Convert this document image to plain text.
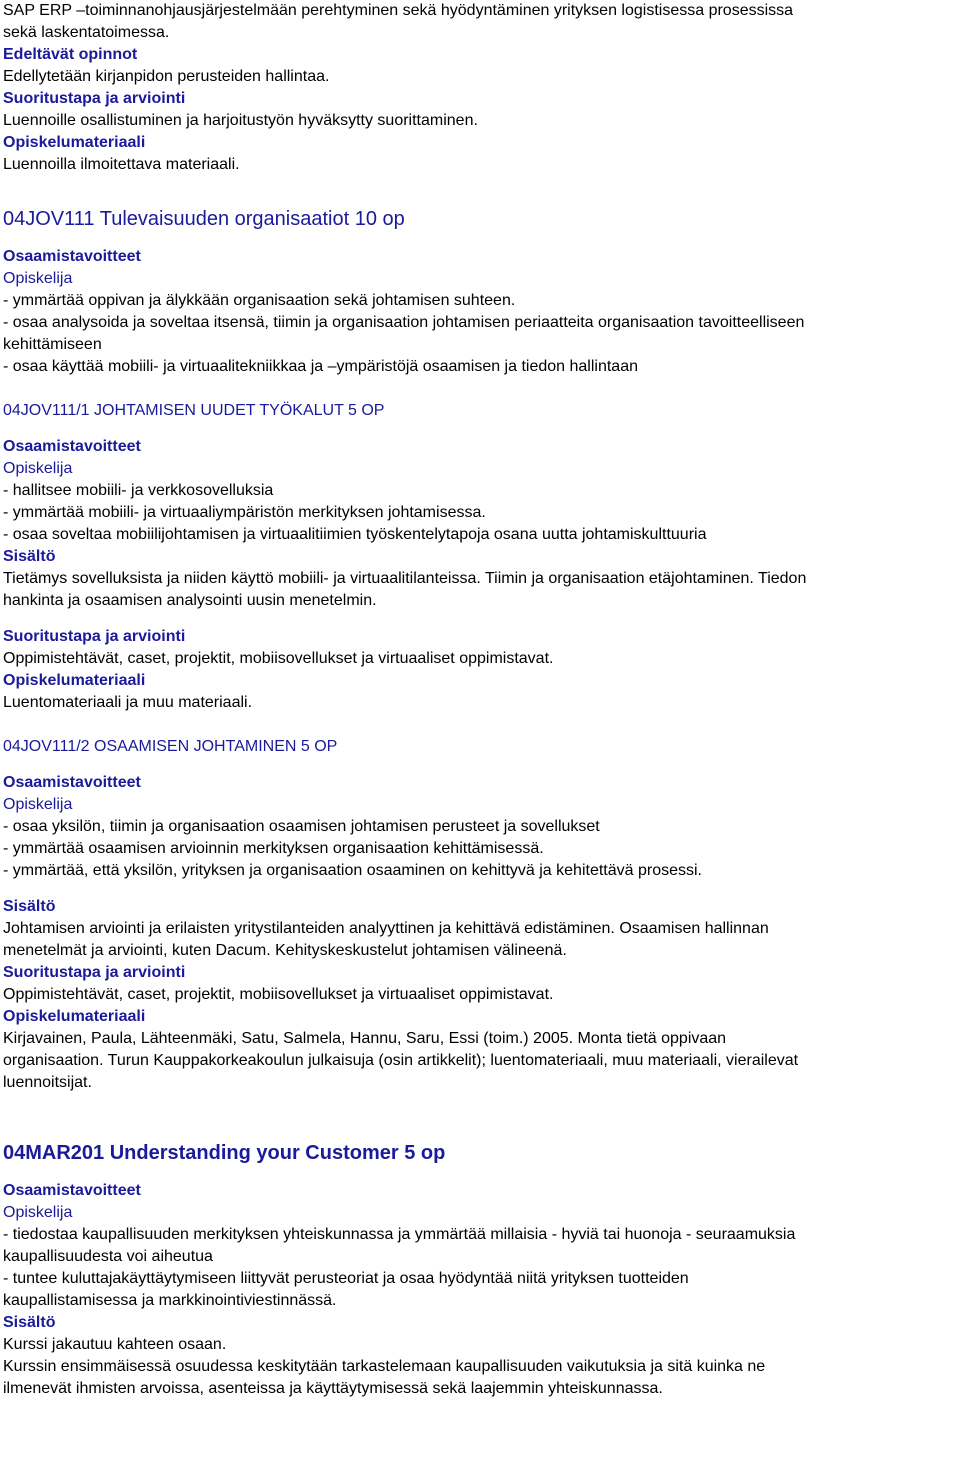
SAP ERP –toiminnanohjausjärjestelmään perehtyminen sekä hyödyntäminen yrityksen logistisessa prosessissa
sekä laskentatoimessa.
Edeltävät opinnot
Edellytetään kirjanpidon perusteiden hallintaa.
Suoritustapa ja arviointi
Luennoille osallistuminen ja harjoitustyön hyväksytty suorittaminen.
Opiskelumateriaali
Luennoilla ilmoitettava materiaali.
04JOV111 Tulevaisuuden organisaatiot 10 op
Osaamistavoitteet
Opiskelija
- ymmärtää oppivan ja älykkään organisaation sekä johtamisen suhteen.
- osaa analysoida ja soveltaa itsensä, tiimin ja organisaation johtamisen periaatteita organisaation tavoitteelliseen
kehittämiseen
- osaa käyttää mobiili- ja virtuaalitekniikkaa ja –ympäristöjä osaamisen ja tiedon hallintaan
04JOV111/1 JOHTAMISEN UUDET TYÖKALUT 5 OP
Osaamistavoitteet
Opiskelija
- hallitsee mobiili- ja verkkosovelluksia
- ymmärtää mobiili- ja virtuaaliympäristön merkityksen johtamisessa.
- osaa soveltaa mobiilijohtamisen ja virtuaalitiimien työskentelytapoja osana uutta johtamiskulttuuria
Sisältö
Tietämys sovelluksista ja niiden käyttö mobiili- ja virtuaalitilanteissa. Tiimin ja organisaation etäjohtaminen. Tiedon
hankinta ja osaamisen analysointi uusin menetelmin.
Suoritustapa ja arviointi
Oppimistehtävät, caset, projektit, mobiisovellukset ja virtuaaliset oppimistavat.
Opiskelumateriaali
Luentomateriaali ja muu materiaali.
04JOV111/2 OSAAMISEN JOHTAMINEN 5 OP
Osaamistavoitteet
Opiskelija
- osaa yksilön, tiimin ja organisaation osaamisen johtamisen perusteet ja sovellukset
- ymmärtää osaamisen arvioinnin merkityksen organisaation kehittämisessä.
- ymmärtää, että yksilön, yrityksen ja organisaation osaaminen on kehittyvä ja kehitettävä prosessi.
Sisältö
Johtamisen arviointi ja erilaisten yritystilanteiden analyyttinen ja kehittävä edistäminen. Osaamisen hallinnan
menetelmät ja arviointi, kuten Dacum. Kehityskeskustelut johtamisen välineenä.
Suoritustapa ja arviointi
Oppimistehtävät, caset, projektit, mobiisovellukset ja virtuaaliset oppimistavat.
Opiskelumateriaali
Kirjavainen, Paula, Lähteenmäki, Satu, Salmela, Hannu, Saru, Essi (toim.) 2005. Monta tietä oppivaan
organisaation. Turun Kauppakorkeakoulun julkaisuja (osin artikkelit); luentomateriaali, muu materiaali, vierailevat
luennoitsijat.
04MAR201 Understanding your Customer 5 op
Osaamistavoitteet
Opiskelija
- tiedostaa kaupallisuuden merkityksen yhteiskunnassa ja ymmärtää millaisia - hyviä tai huonoja - seuraamuksia
kaupallisuudesta voi aiheutua
- tuntee kuluttajakäyttäytymiseen liittyvät perusteoriat ja osaa hyödyntää niitä yrityksen tuotteiden
kaupallistamisessa ja markkinointiviestinnässä.
Sisältö
Kurssi jakautuu kahteen osaan.
Kurssin ensimmäisessä osuudessa keskitytään tarkastelemaan kaupallisuuden vaikutuksia ja sitä kuinka ne
ilmenevät ihmisten arvoissa, asenteissa ja käyttäytymisessä sekä laajemmin yhteiskunnassa.
